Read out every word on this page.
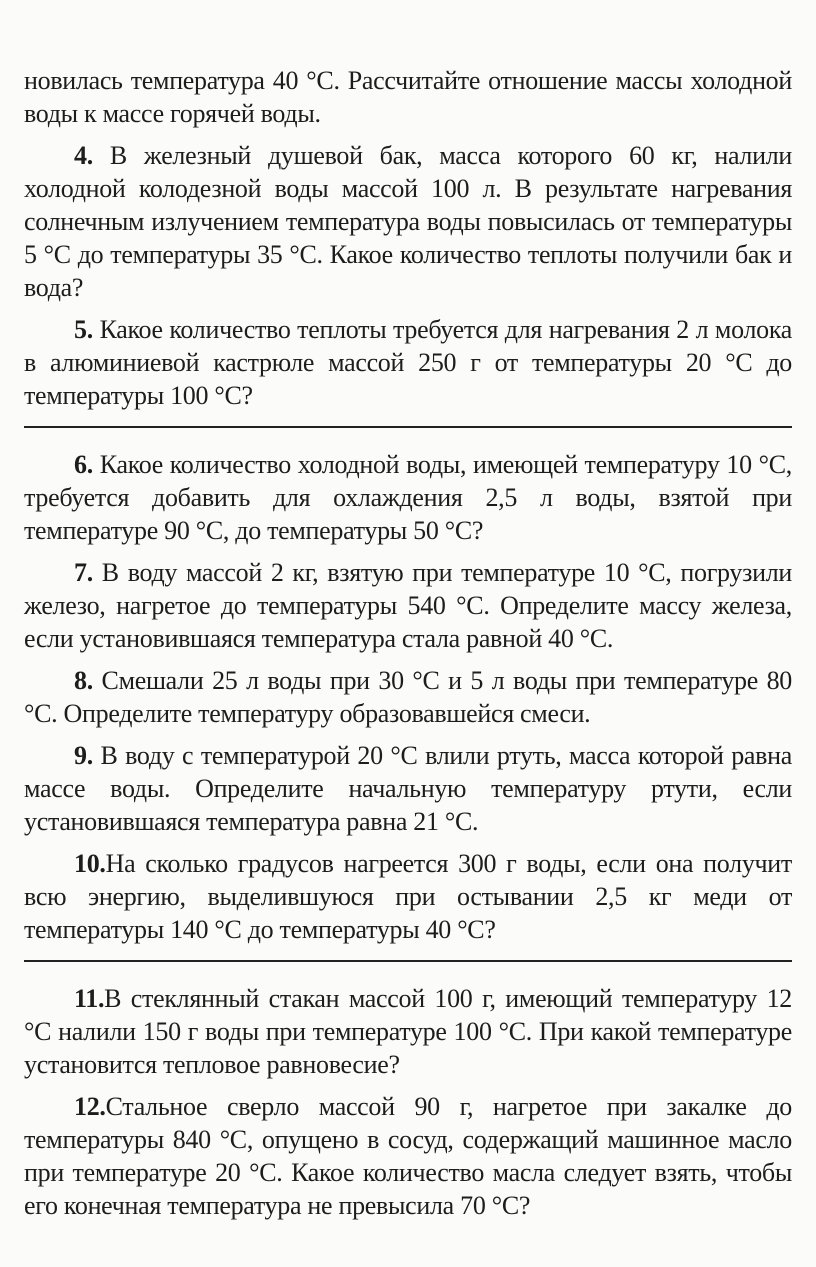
новилась температура 40 °С. Рассчитайте отношение массы холодной воды к массе горячей воды.

4. В железный душевой бак, масса которого 60 кг, налили холодной колодезной воды массой 100 л. В результате нагревания солнечным излучением температура воды повысилась от температуры 5 °С до температуры 35 °С. Какое количество теплоты получили бак и вода?

5. Какое количество теплоты требуется для нагревания 2 л молока в алюминиевой кастрюле массой 250 г от температуры 20 °С до температуры 100 °С?

6. Какое количество холодной воды, имеющей температуру 10 °С, требуется добавить для охлаждения 2,5 л воды, взятой при температуре 90 °С, до температуры 50 °С?

7. В воду массой 2 кг, взятую при температуре 10 °С, погрузили железо, нагретое до температуры 540 °С. Определите массу железа, если установившаяся температура стала равной 40 °С.

8. Смешали 25 л воды при 30 °С и 5 л воды при температуре 80 °С. Определите температуру образовавшейся смеси.

9. В воду с температурой 20 °С влили ртуть, масса которой равна массе воды. Определите начальную температуру ртути, если установившаяся температура равна 21 °С.

10.На сколько градусов нагреется 300 г воды, если она получит всю энергию, выделившуюся при остывании 2,5 кг меди от температуры 140 °С до температуры 40 °С?

11.В стеклянный стакан массой 100 г, имеющий температуру 12 °С налили 150 г воды при температуре 100 °С. При какой температуре установится тепловое равновесие?

12.Стальное сверло массой 90 г, нагретое при закалке до температуры 840 °С, опущено в сосуд, содержащий машинное масло при температуре 20 °С. Какое количество масла следует взять, чтобы его конечная температура не превысила 70 °С?
